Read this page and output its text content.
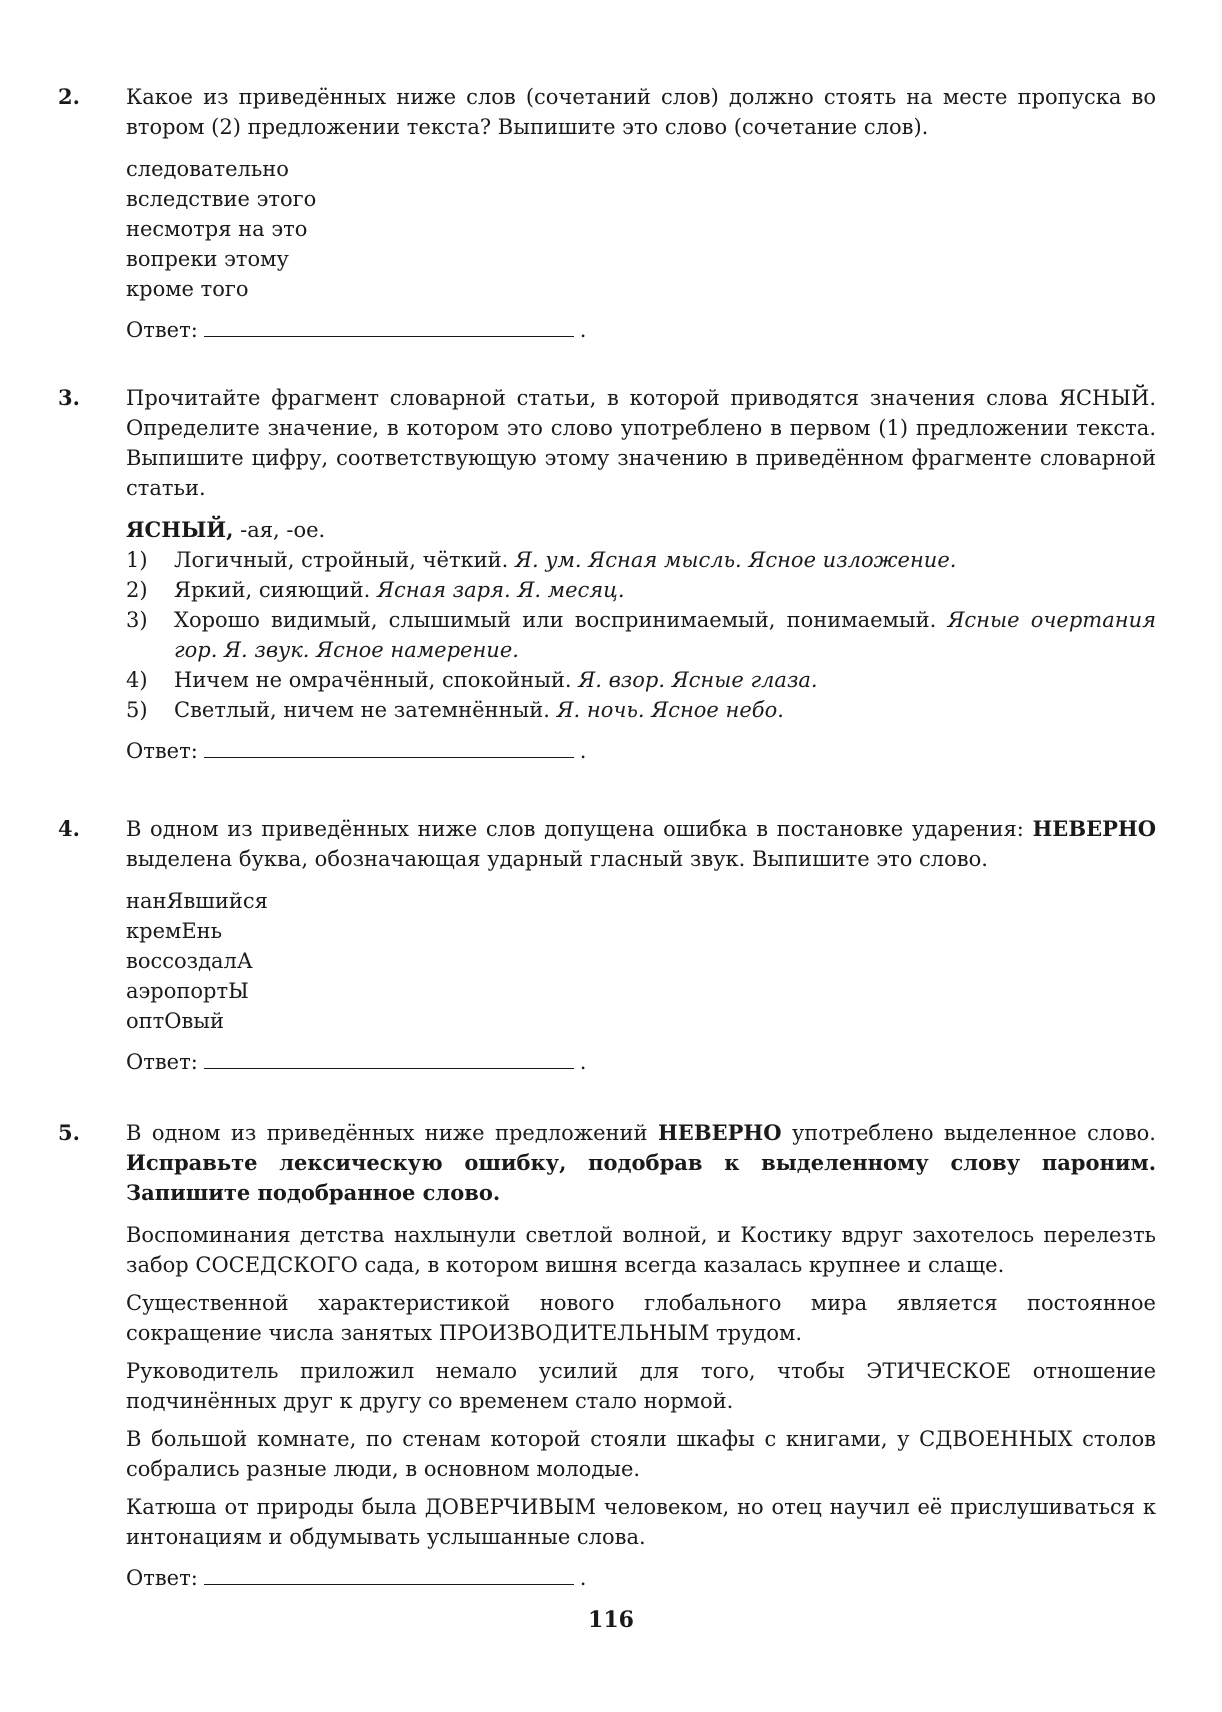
2. Какое из приведённых ниже слов (сочетаний слов) должно стоять на месте пропуска во втором (2) предложении текста? Выпишите это слово (сочетание слов).

следовательно
вследствие этого
несмотря на это
вопреки этому
кроме того
Ответ:	.
3. Прочитайте фрагмент словарной статьи, в которой приводятся значения слова ЯСНЫЙ. Определите значение, в котором это слово употреблено в первом (1) предложении текста. Выпишите цифру, соответствующую этому значению в приведённом фрагменте словарной статьи.

ЯСНЫЙ, -ая, -ое.
1)	Логичный, стройный, чёткий. Я. ум. Ясная мысль. Ясное изложение.
2)	Яркий, сияющий. Ясная заря. Я. месяц.
3)	Хорошо видимый, слышимый или воспринимаемый, понимаемый. Ясные очертания гор. Я. звук. Ясное намерение.
4)	Ничем не омрачённый, спокойный. Я. взор. Ясные глаза.
5)	Светлый, ничем не затемнённый. Я. ночь. Ясное небо.
Ответ:	.
4. В одном из приведённых ниже слов допущена ошибка в постановке ударения: НЕВЕРНО выделена буква, обозначающая ударный гласный звук. Выпишите это слово.

нанЯвшийся
кремЕнь
воссоздалА
аэропортЫ
оптОвый
Ответ:	.
5. В одном из приведённых ниже предложений НЕВЕРНО употреблено выделенное слово. Исправьте лексическую ошибку, подобрав к выделенному слову пароним. Запишите подобранное слово.

Воспоминания детства нахлынули светлой волной, и Костику вдруг захотелось перелезть забор СОСЕДСКОГО сада, в котором вишня всегда казалась крупнее и слаще.

Существенной характеристикой нового глобального мира является постоянное сокращение числа занятых ПРОИЗВОДИТЕЛЬНЫМ трудом.

Руководитель приложил немало усилий для того, чтобы ЭТИЧЕСКОЕ отношение подчинённых друг к другу со временем стало нормой.

В большой комнате, по стенам которой стояли шкафы с книгами, у СДВОЕННЫХ столов собрались разные люди, в основном молодые.

Катюша от природы была ДОВЕРЧИВЫМ человеком, но отец научил её прислушиваться к интонациям и обдумывать услышанные слова.

Ответ:	.
116
